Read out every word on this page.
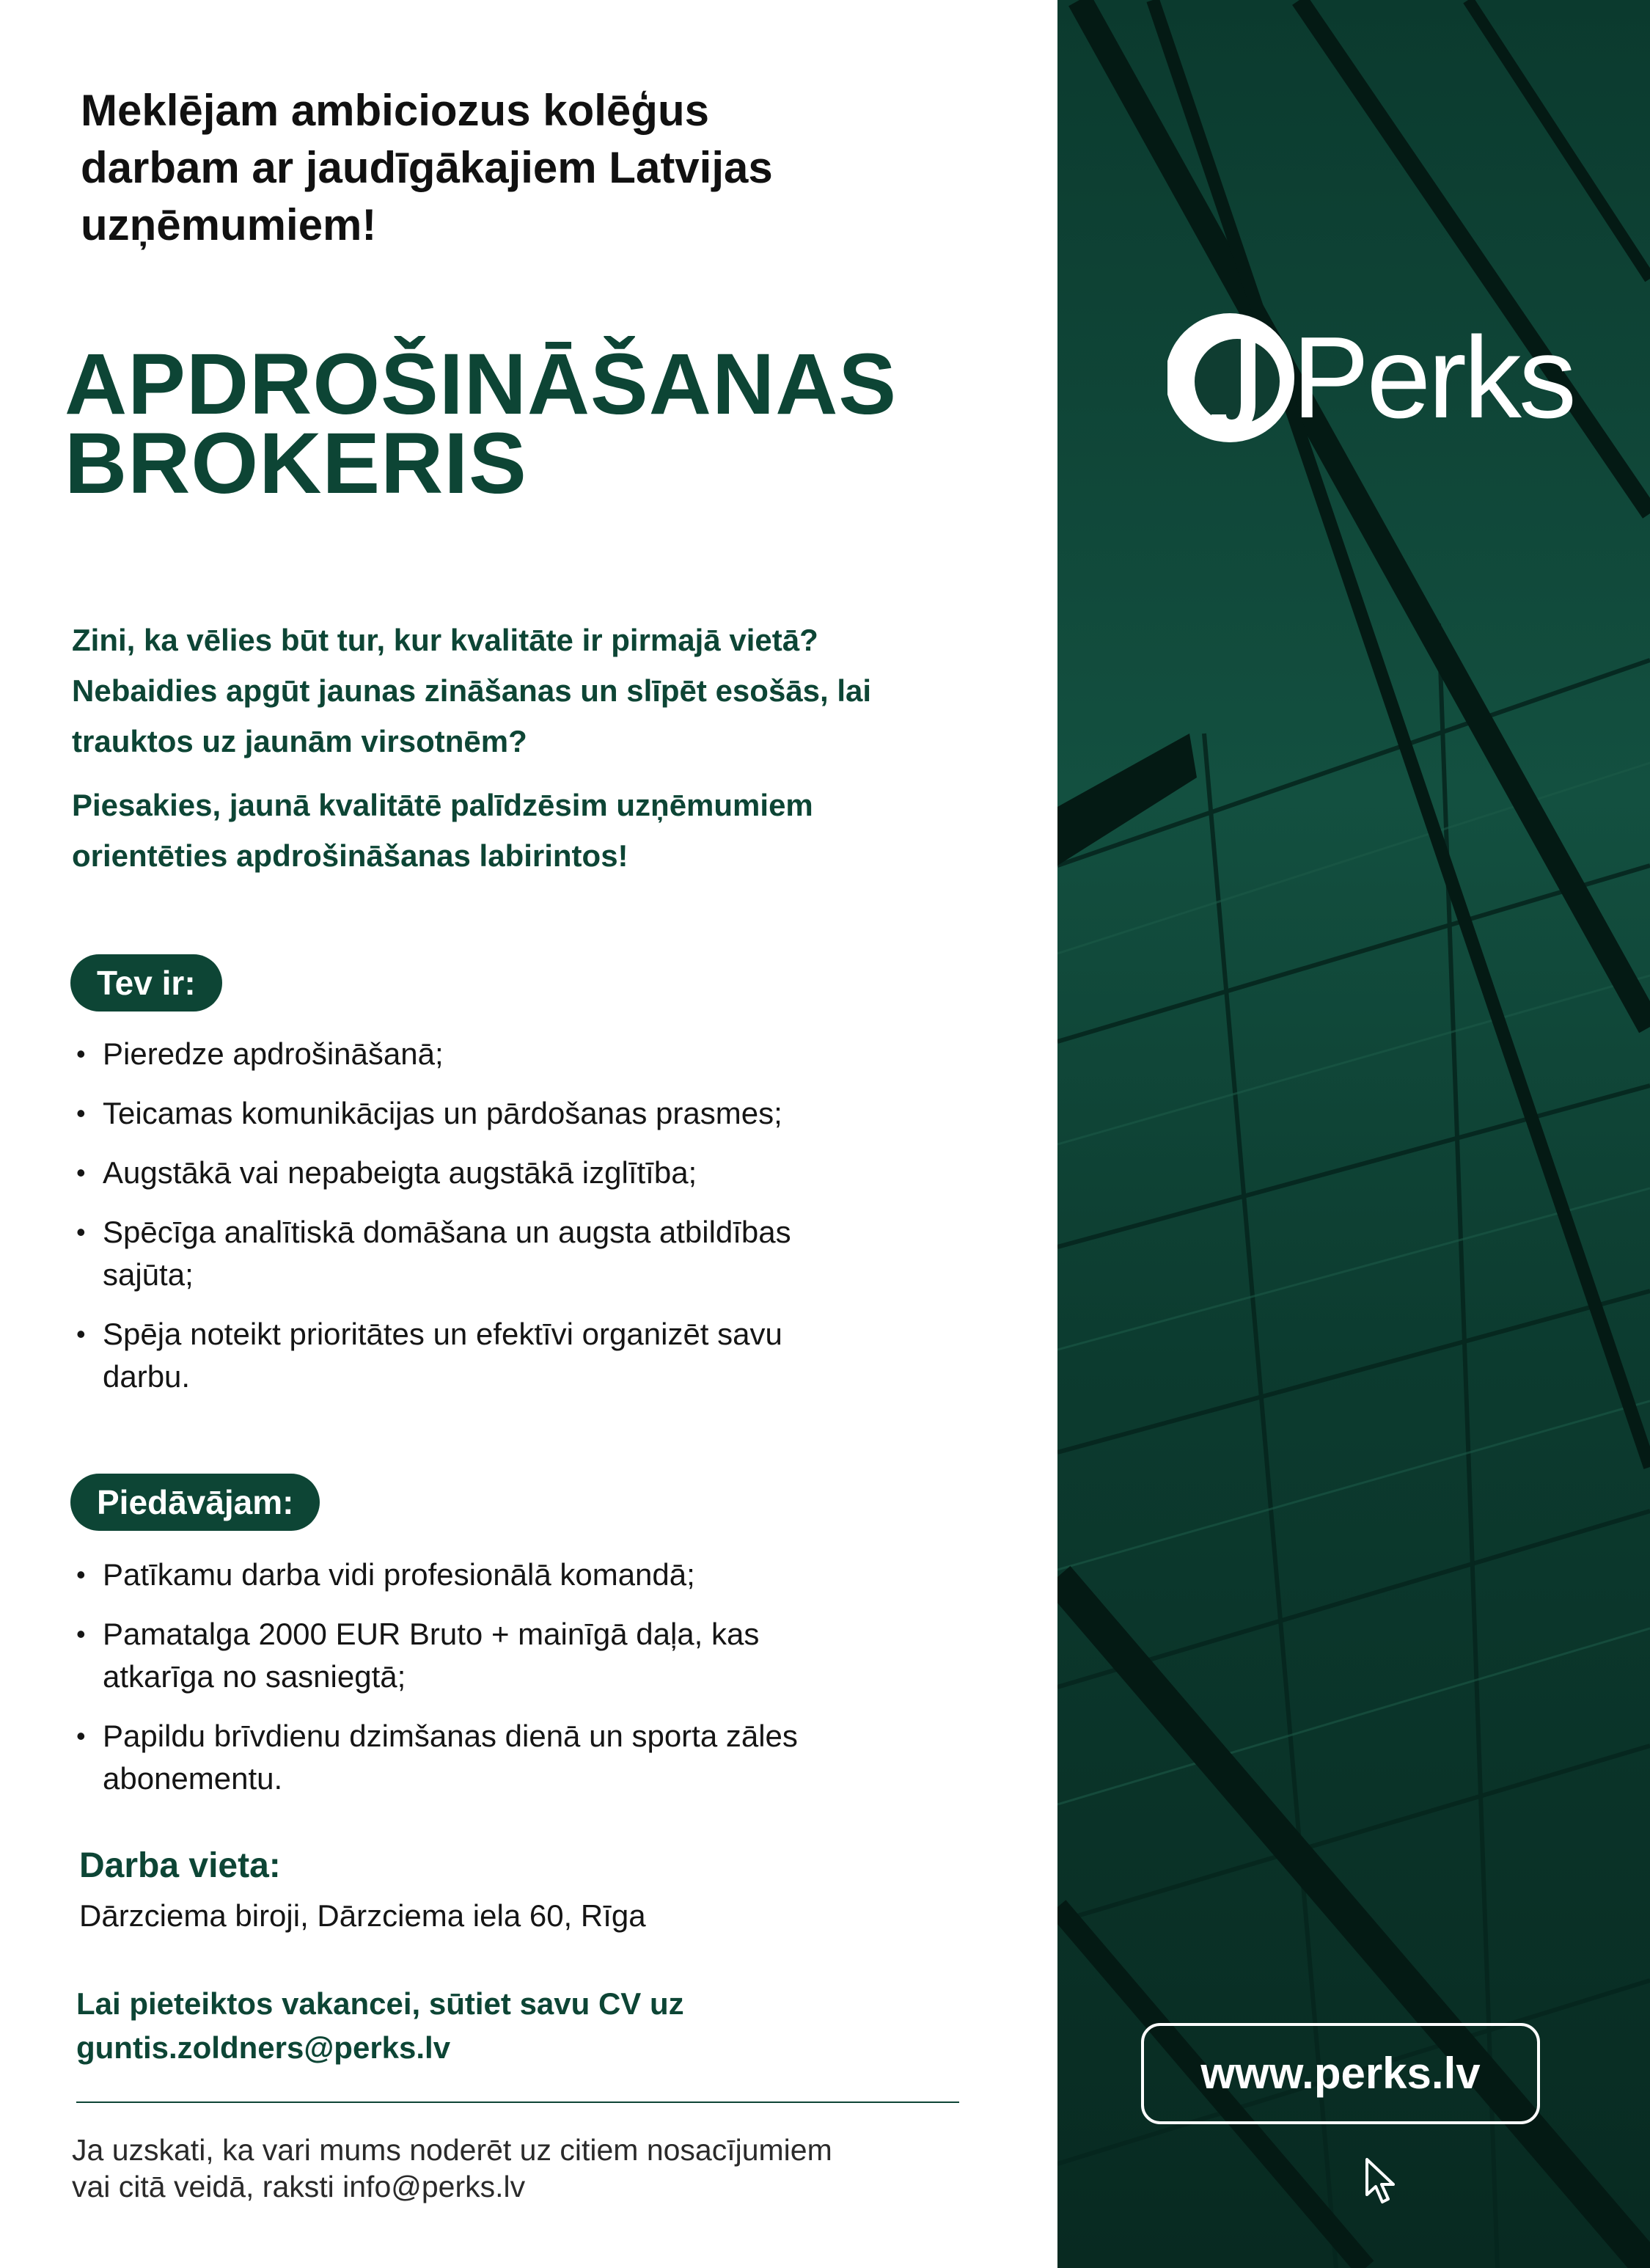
Meklējam ambiciozus kolēģus
darbam ar jaudīgākajiem Latvijas
uzņēmumiem!
APDROŠINĀŠANAS
BROKERIS

Zini, ka vēlies būt tur, kur kvalitāte ir pirmajā vietā?
Nebaidies apgūt jaunas zināšanas un slīpēt esošās, lai
trauktos uz jaunām virsotnēm?

Piesakies, jaunā kvalitātē palīdzēsim uzņēmumiem
orientēties apdrošināšanas labirintos!

Tev ir:
• Pieredze apdrošināšanā;
• Teicamas komunikācijas un pārdošanas prasmes;
• Augstākā vai nepabeigta augstākā izglītība;
• Spēcīga analītiskā domāšana un augsta atbildības
sajūta;
• Spēja noteikt prioritātes un efektīvi organizēt savu
darbu.
Piedāvājam:
• Patīkamu darba vidi profesionālā komandā;
• Pamatalga 2000 EUR Bruto + mainīgā daļa, kas
atkarīga no sasniegtā;
• Papildu brīvdienu dzimšanas dienā un sporta zāles
abonementu.
Darba vieta:
Dārzciema biroji, Dārzciema iela 60, Rīga
Lai pieteiktos vakancei, sūtiet savu CV uz
guntis.zoldners@perks.lv
Ja uzskati, ka vari mums noderēt uz citiem nosacījumiem
vai citā veidā, raksti info@perks.lv
Perks
www.perks.lv
